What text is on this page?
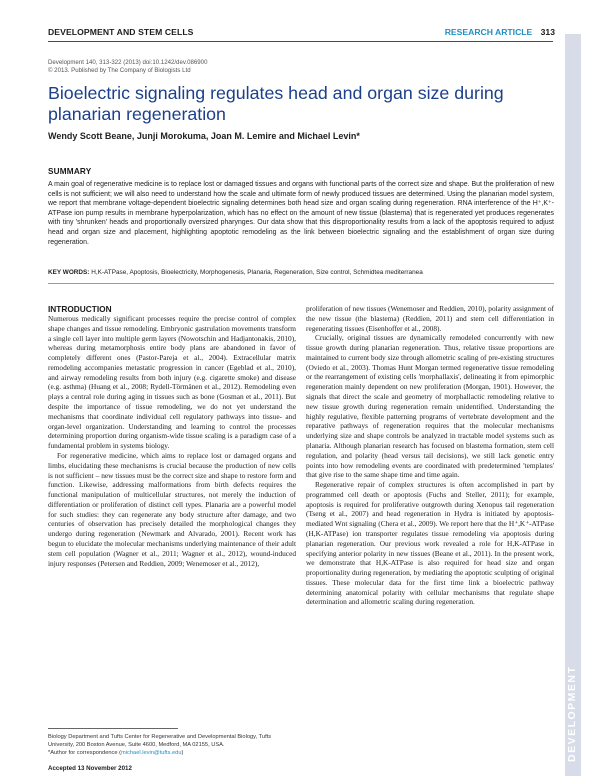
DEVELOPMENT AND STEM CELLS	RESEARCH ARTICLE 313
DEVELOPMENT
Development 140, 313-322 (2013) doi:10.1242/dev.086900
© 2013. Published by The Company of Biologists Ltd
Bioelectric signaling regulates head and organ size during planarian regeneration
Wendy Scott Beane, Junji Morokuma, Joan M. Lemire and Michael Levin*
SUMMARY
A main goal of regenerative medicine is to replace lost or damaged tissues and organs with functional parts of the correct size and shape. But the proliferation of new cells is not sufficient; we will also need to understand how the scale and ultimate form of newly produced tissues are determined. Using the planarian model system, we report that membrane voltage-dependent bioelectric signaling determines both head size and organ scaling during regeneration. RNA interference of the H⁺,K⁺-ATPase ion pump results in membrane hyperpolarization, which has no effect on the amount of new tissue (blastema) that is regenerated yet produces regenerates with tiny 'shrunken' heads and proportionally oversized pharynges. Our data show that this disproportionality results from a lack of the apoptosis required to adjust head and organ size and placement, highlighting apoptotic remodeling as the link between bioelectric signaling and the establishment of organ size during regeneration.
KEY WORDS: H,K-ATPase, Apoptosis, Bioelectricity, Morphogenesis, Planaria, Regeneration, Size control, Schmidtea mediterranea
INTRODUCTION

Numerous medically significant processes require the precise control of complex shape changes and tissue remodeling. Embryonic gastrulation movements transform a single cell layer into multiple germ layers (Nowotschin and Hadjantonakis, 2010), whereas during metamorphosis entire body plans are abandoned in favor of completely different ones (Pastor-Pareja et al., 2004). Extracellular matrix remodeling accompanies metastatic progression in cancer (Egeblad et al., 2010), and airway remodeling results from both injury (e.g. cigarette smoke) and disease (e.g. asthma) (Huang et al., 2008; Rydell-Törmänen et al., 2012). Remodeling even plays a central role during aging in tissues such as bone (Gosman et al., 2011). But despite the importance of tissue remodeling, we do not yet understand the mechanisms that coordinate individual cell regulatory pathways into tissue- and organ-level organization. Understanding and learning to control the processes determining proportion during organism-wide tissue scaling is a paradigm case of a fundamental problem in systems biology.

For regenerative medicine, which aims to replace lost or damaged organs and limbs, elucidating these mechanisms is crucial because the production of new cells is not sufficient – new tissues must be the correct size and shape to restore form and function. Likewise, addressing malformations from birth defects requires the functional manipulation of multicellular structures, not merely the induction of differentiation or proliferation of distinct cell types. Planaria are a powerful model for such studies: they can regenerate any body structure after damage, and two centuries of observation has precisely detailed the morphological changes they undergo during regeneration (Newmark and Alvarado, 2001). Recent work has begun to elucidate the molecular mechanisms underlying maintenance of their adult stem cell population (Wagner et al., 2011; Wagner et al., 2012), wound-induced injury responses (Petersen and Reddien, 2009; Wenemoser et al., 2012),

proliferation of new tissues (Wenemoser and Reddien, 2010), polarity assignment of the new tissue (the blastema) (Reddien, 2011) and stem cell differentiation in regenerating tissues (Eisenhoffer et al., 2008).

Crucially, original tissues are dynamically remodeled concurrently with new tissue growth during planarian regeneration. Thus, relative tissue proportions are maintained to current body size through allometric scaling of pre-existing structures (Oviedo et al., 2003). Thomas Hunt Morgan termed regenerative tissue remodeling or the rearrangement of existing cells 'morphallaxis', delineating it from epimorphic regeneration mainly dependent on new proliferation (Morgan, 1901). However, the signals that direct the scale and geometry of morphallactic remodeling relative to new tissue growth during regeneration remain unidentified. Understanding the highly regulative, flexible patterning programs of vertebrate development and the reparative pathways of regeneration requires that the molecular mechanisms underlying size and shape controls be analyzed in tractable model systems such as planaria. Although planarian research has focused on blastema formation, stem cell regulation, and polarity (head versus tail decisions), we still lack genetic entry points into how remodeling events are coordinated with predetermined 'templates' that give rise to the same shape time and time again.

Regenerative repair of complex structures is often accomplished in part by programmed cell death or apoptosis (Fuchs and Steller, 2011); for example, apoptosis is required for proliferative outgrowth during Xenopus tail regeneration (Tseng et al., 2007) and head regeneration in Hydra is initiated by apoptosis-mediated Wnt signaling (Chera et al., 2009). We report here that the H⁺,K⁺-ATPase (H,K-ATPase) ion transporter regulates tissue remodeling via apoptosis during planarian regeneration. Our previous work revealed a role for H,K-ATPase in specifying anterior polarity in new tissues (Beane et al., 2011). In the present work, we demonstrate that H,K-ATPase is also required for head size and organ proportionality during regeneration, by mediating the apoptotic sculpting of original tissues. These molecular data for the first time link a bioelectric pathway determining anatomical polarity with cellular mechanisms that regulate shape determination and allometric scaling during regeneration.

Biology Department and Tufts Center for Regenerative and Developmental Biology, Tufts University, 200 Boston Avenue, Suite 4600, Medford, MA 02155, USA.
*Author for correspondence (michael.levin@tufts.edu)
Accepted 13 November 2012
